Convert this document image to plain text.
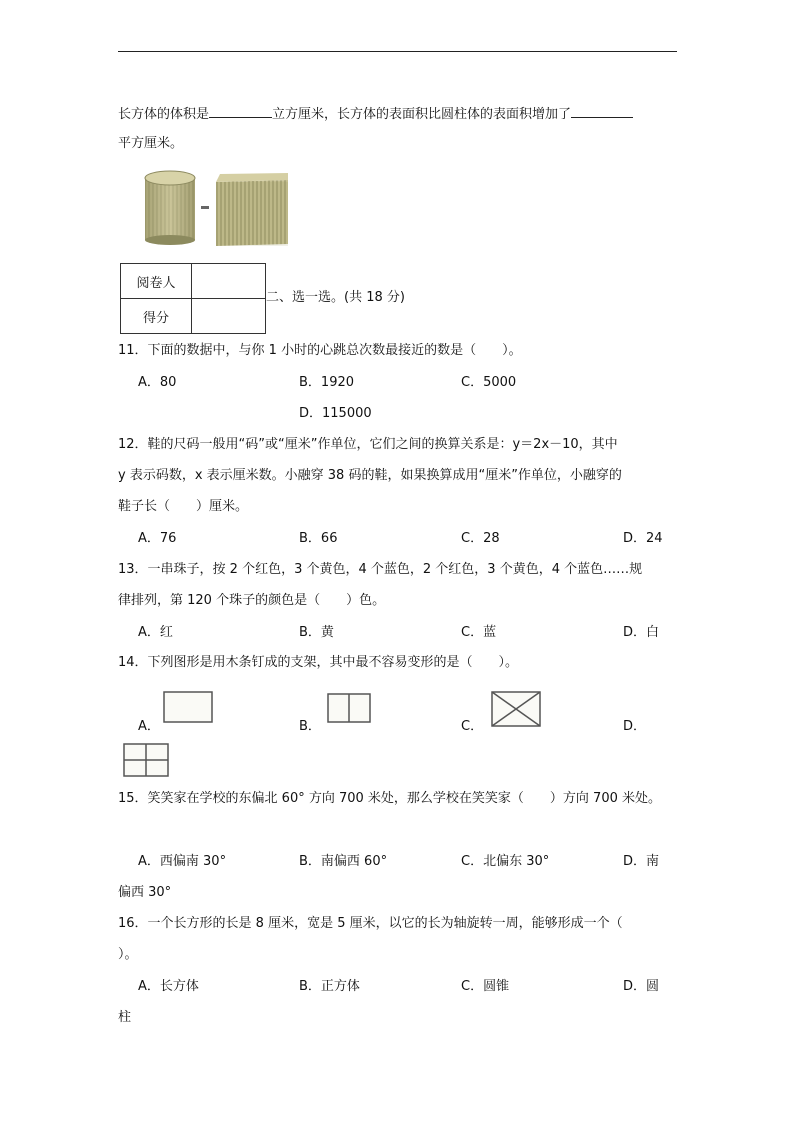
长方体的体积是	立方厘米，长方体的表面积比圆柱体的表面积增加了
平方厘米。
阅卷人	
得分	
二、选一选。(共 18 分)
11．下面的数据中，与你 1 小时的心跳总次数最接近的数是（　　）。
A．80	B．1920	C．5000
D．115000
12．鞋的尺码一般用“码”或“厘米”作单位，它们之间的换算关系是：y＝2x－10，其中
y 表示码数，x 表示厘米数。小融穿 38 码的鞋，如果换算成用“厘米”作单位，小融穿的
鞋子长（　　）厘米。
A．76	B．66	C．28	D．24
13．一串珠子，按 2 个红色，3 个黄色，4 个蓝色，2 个红色，3 个黄色，4 个蓝色……规
律排列，第 120 个珠子的颜色是（　　）色。
A．红	B．黄	C．蓝	D．白
14．下列图形是用木条钉成的支架，其中最不容易变形的是（　　）。
A．	B．	C．	D．
15．笑笑家在学校的东偏北 60° 方向 700 米处，那么学校在笑笑家（　　）方向 700 米处。
A．西偏南 30°	B．南偏西 60°	C．北偏东 30°	D．南
偏西 30°
16．一个长方形的长是 8 厘米，宽是 5 厘米，以它的长为轴旋转一周，能够形成一个（
）。
A．长方体	B．正方体	C．圆锥	D．圆
柱
